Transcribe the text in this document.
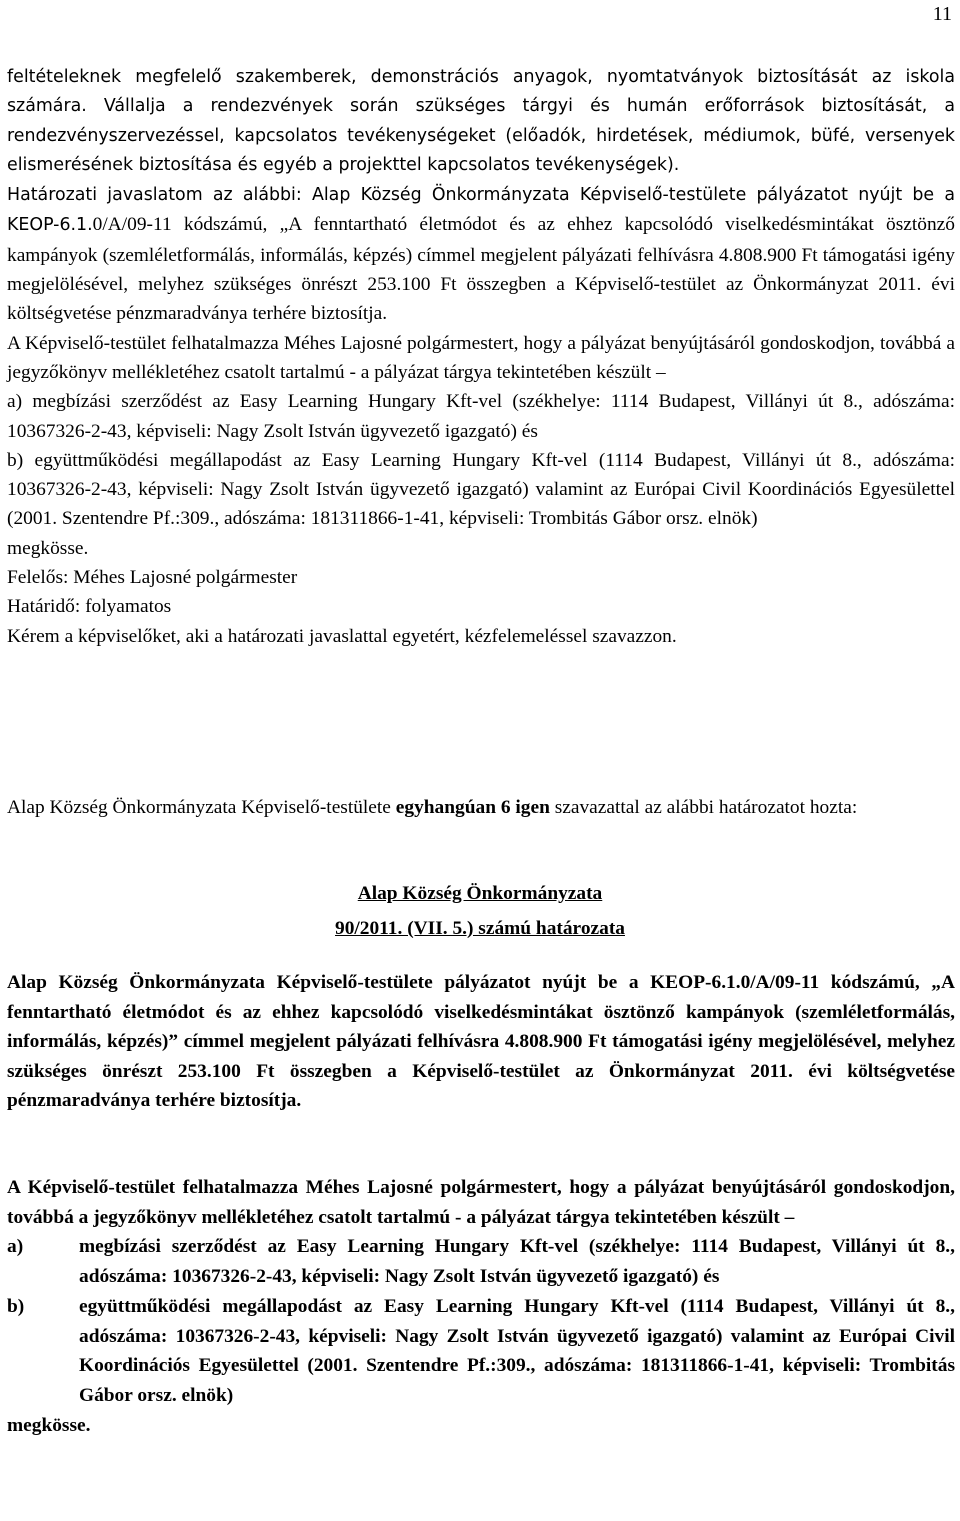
11

feltételeknek megfelelő szakemberek, demonstrációs anyagok, nyomtatványok biztosítását az iskola számára. Vállalja a rendezvények során szükséges tárgyi és humán erőforrások biztosítását, a rendezvényszervezéssel, kapcsolatos tevékenységeket (előadók, hirdetések, médiumok, büfé, versenyek elismerésének biztosítása és egyéb a projekttel kapcsolatos tevékenységek).

Határozati javaslatom az alábbi: Alap Község Önkormányzata Képviselő-testülete pályázatot nyújt be a KEOP-6.1.0/A/09-11 kódszámú, „A fenntartható életmódot és az ehhez kapcsolódó viselkedésmintákat ösztönző kampányok (szemléletformálás, informálás, képzés) címmel megjelent pályázati felhívásra 4.808.900 Ft támogatási igény megjelölésével, melyhez szükséges önrészt 253.100 Ft összegben a Képviselő-testület az Önkormányzat 2011. évi költségvetése pénzmaradványa terhére biztosítja.

A Képviselő-testület felhatalmazza Méhes Lajosné polgármestert, hogy a pályázat benyújtásáról gondoskodjon, továbbá a jegyzőkönyv mellékletéhez csatolt tartalmú - a pályázat tárgya tekintetében készült –

a) megbízási szerződést az Easy Learning Hungary Kft-vel (székhelye: 1114 Budapest, Villányi út 8., adószáma: 10367326-2-43, képviseli: Nagy Zsolt István ügyvezető igazgató) és

b) együttműködési megállapodást az Easy Learning Hungary Kft-vel (1114 Budapest, Villányi út 8., adószáma: 10367326-2-43, képviseli: Nagy Zsolt István ügyvezető igazgató) valamint az Európai Civil Koordinációs Egyesülettel (2001. Szentendre Pf.:309., adószáma: 181311866-1-41, képviseli: Trombitás Gábor orsz. elnök)

megkösse.

Felelős: Méhes Lajosné polgármester

Határidő: folyamatos

Kérem a képviselőket, aki a határozati javaslattal egyetért, kézfelemeléssel szavazzon.

Alap Község Önkormányzata Képviselő-testülete egyhangúan 6 igen szavazattal az alábbi határozatot hozta:

Alap Község Önkormányzata
90/2011. (VII. 5.) számú határozata

Alap Község Önkormányzata Képviselő-testülete pályázatot nyújt be a KEOP-6.1.0/A/09-11 kódszámú, „A fenntartható életmódot és az ehhez kapcsolódó viselkedésmintákat ösztönző kampányok (szemléletformálás, informálás, képzés)” címmel megjelent pályázati felhívásra 4.808.900 Ft támogatási igény megjelölésével, melyhez szükséges önrészt 253.100 Ft összegben a Képviselő-testület az Önkormányzat 2011. évi költségvetése pénzmaradványa terhére biztosítja.

A Képviselő-testület felhatalmazza Méhes Lajosné polgármestert, hogy a pályázat benyújtásáról gondoskodjon, továbbá a jegyzőkönyv mellékletéhez csatolt tartalmú - a pályázat tárgya tekintetében készült –

a)	megbízási szerződést az Easy Learning Hungary Kft-vel (székhelye: 1114 Budapest, Villányi út 8., adószáma: 10367326-2-43, képviseli: Nagy Zsolt István ügyvezető igazgató) és

b)	együttműködési megállapodást az Easy Learning Hungary Kft-vel (1114 Budapest, Villányi út 8., adószáma: 10367326-2-43, képviseli: Nagy Zsolt István ügyvezető igazgató) valamint az Európai Civil Koordinációs Egyesülettel (2001. Szentendre Pf.:309., adószáma: 181311866-1-41, képviseli: Trombitás Gábor orsz. elnök)

megkösse.
